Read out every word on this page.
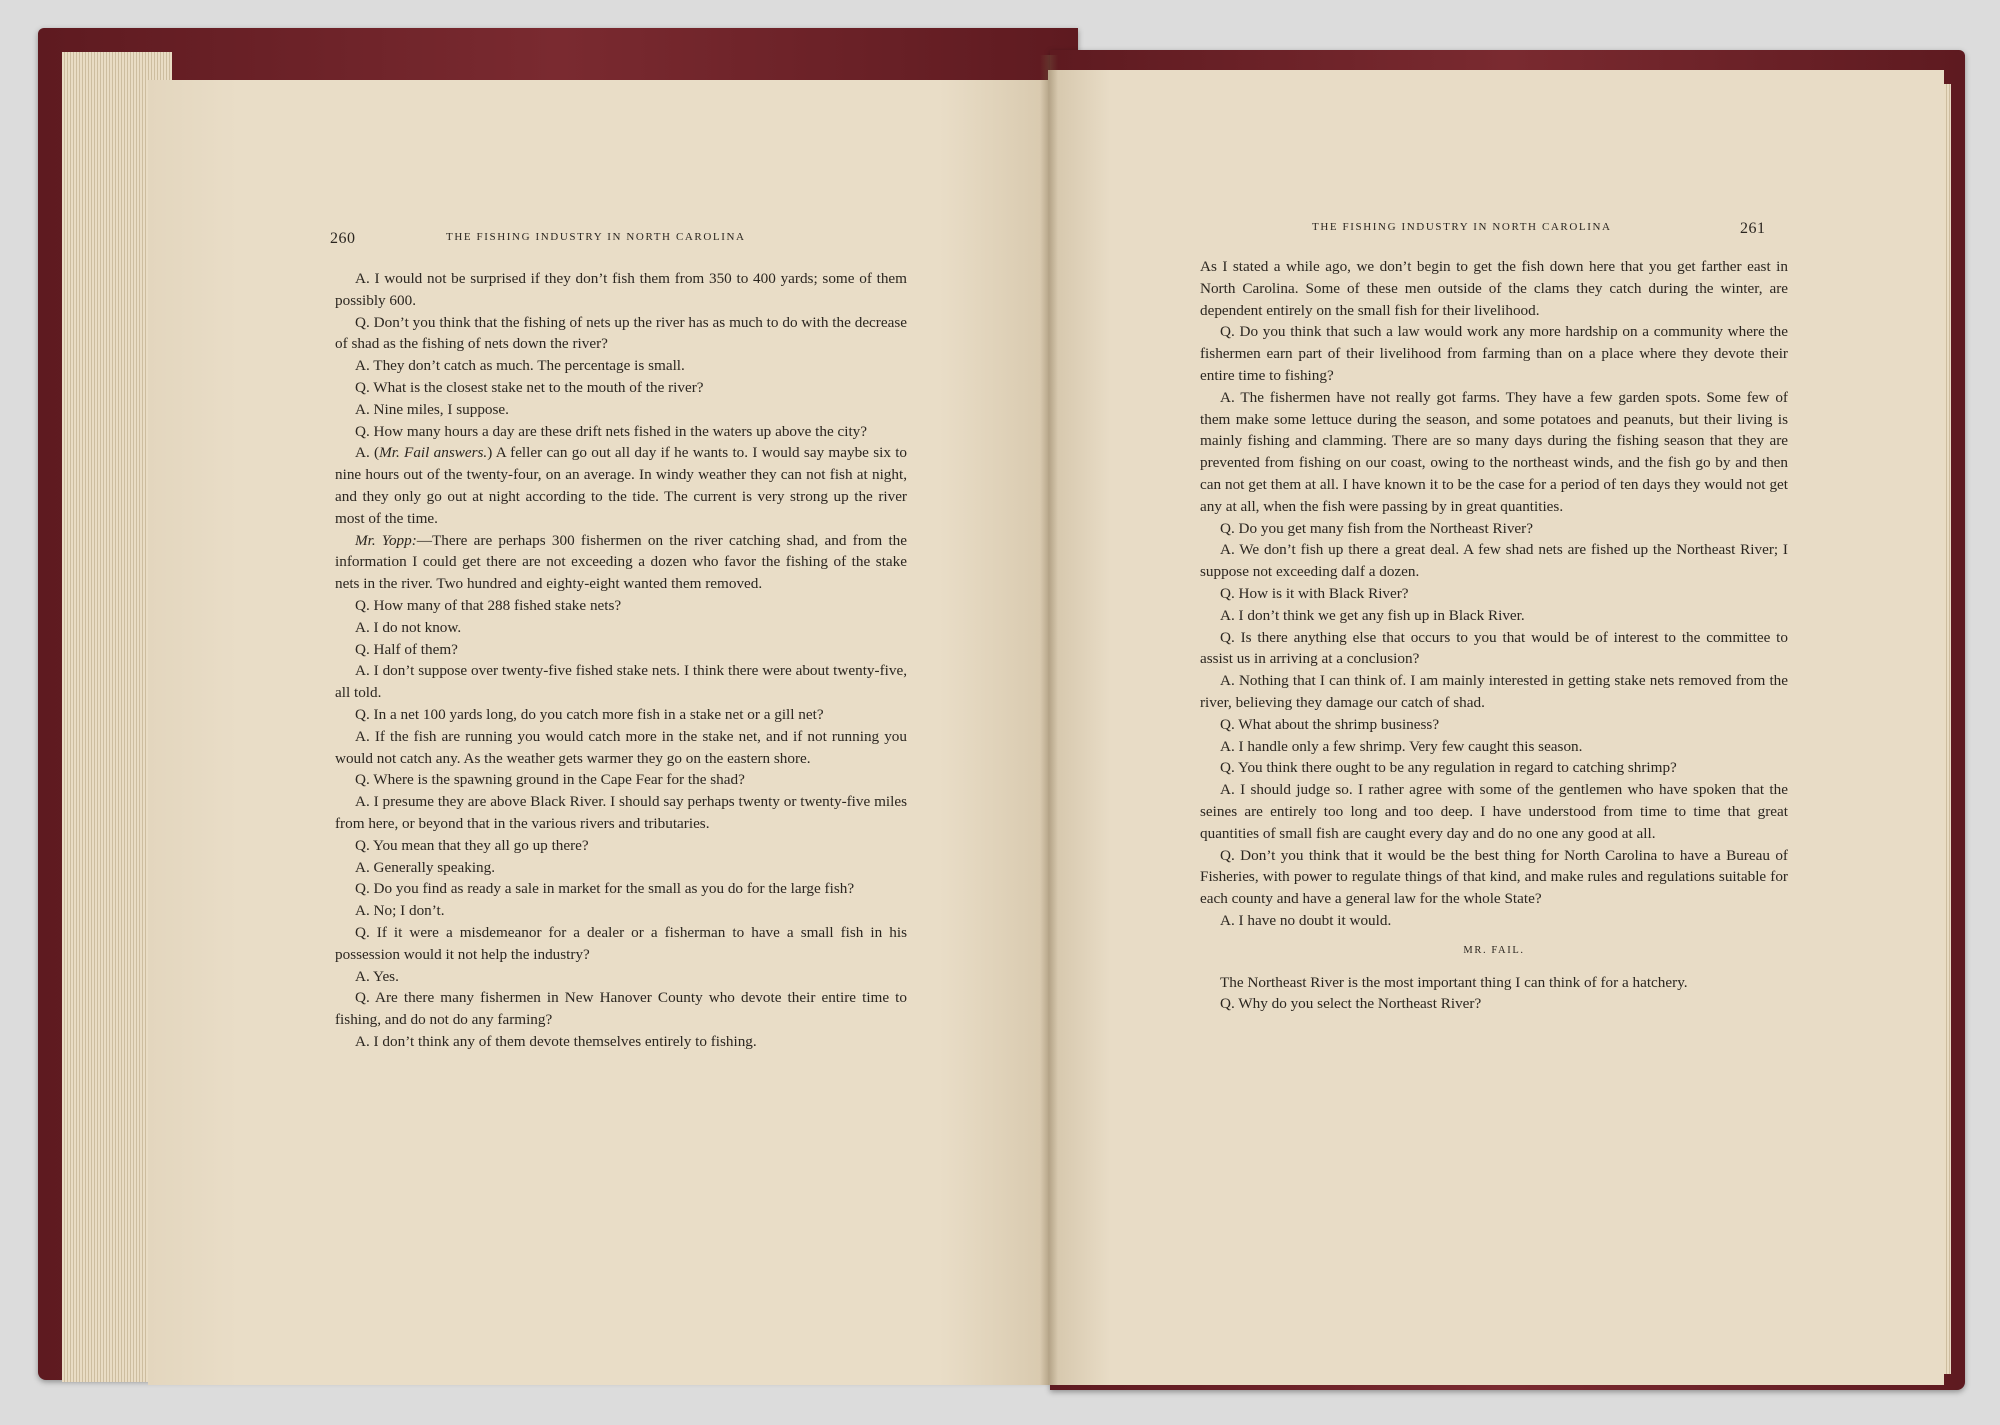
260	THE FISHING INDUSTRY IN NORTH CAROLINA

A. I would not be surprised if they don’t fish them from 350 to 400 yards; some of them possibly 600.

Q. Don’t you think that the fishing of nets up the river has as much to do with the decrease of shad as the fishing of nets down the river?

A. They don’t catch as much. The percentage is small.

Q. What is the closest stake net to the mouth of the river?

A. Nine miles, I suppose.

Q. How many hours a day are these drift nets fished in the waters up above the city?

A. (Mr. Fail answers.) A feller can go out all day if he wants to. I would say maybe six to nine hours out of the twenty-four, on an average. In windy weather they can not fish at night, and they only go out at night according to the tide. The current is very strong up the river most of the time.

Mr. Yopp:—There are perhaps 300 fishermen on the river catching shad, and from the information I could get there are not exceeding a dozen who favor the fishing of the stake nets in the river. Two hundred and eighty-eight wanted them removed.

Q. How many of that 288 fished stake nets?

A. I do not know.

Q. Half of them?

A. I don’t suppose over twenty-five fished stake nets. I think there were about twenty-five, all told.

Q. In a net 100 yards long, do you catch more fish in a stake net or a gill net?

A. If the fish are running you would catch more in the stake net, and if not running you would not catch any. As the weather gets warmer they go on the eastern shore.

Q. Where is the spawning ground in the Cape Fear for the shad?

A. I presume they are above Black River. I should say perhaps twenty or twenty-five miles from here, or beyond that in the various rivers and tributaries.

Q. You mean that they all go up there?

A. Generally speaking.

Q. Do you find as ready a sale in market for the small as you do for the large fish?

A. No; I don’t.

Q. If it were a misdemeanor for a dealer or a fisherman to have a small fish in his possession would it not help the industry?

A. Yes.

Q. Are there many fishermen in New Hanover County who devote their entire time to fishing, and do not do any farming?

A. I don’t think any of them devote themselves entirely to fishing.

THE FISHING INDUSTRY IN NORTH CAROLINA	261

As I stated a while ago, we don’t begin to get the fish down here that you get farther east in North Carolina. Some of these men outside of the clams they catch during the winter, are dependent entirely on the small fish for their livelihood.

Q. Do you think that such a law would work any more hardship on a community where the fishermen earn part of their livelihood from farming than on a place where they devote their entire time to fishing?

A. The fishermen have not really got farms. They have a few garden spots. Some few of them make some lettuce during the season, and some potatoes and peanuts, but their living is mainly fishing and clamming. There are so many days during the fishing season that they are prevented from fishing on our coast, owing to the northeast winds, and the fish go by and then can not get them at all. I have known it to be the case for a period of ten days they would not get any at all, when the fish were passing by in great quantities.

Q. Do you get many fish from the Northeast River?

A. We don’t fish up there a great deal. A few shad nets are fished up the Northeast River; I suppose not exceeding dalf a dozen.

Q. How is it with Black River?

A. I don’t think we get any fish up in Black River.

Q. Is there anything else that occurs to you that would be of interest to the committee to assist us in arriving at a conclusion?

A. Nothing that I can think of. I am mainly interested in getting stake nets removed from the river, believing they damage our catch of shad.

Q. What about the shrimp business?

A. I handle only a few shrimp. Very few caught this season.

Q. You think there ought to be any regulation in regard to catching shrimp?

A. I should judge so. I rather agree with some of the gentlemen who have spoken that the seines are entirely too long and too deep. I have understood from time to time that great quantities of small fish are caught every day and do no one any good at all.

Q. Don’t you think that it would be the best thing for North Carolina to have a Bureau of Fisheries, with power to regulate things of that kind, and make rules and regulations suitable for each county and have a general law for the whole State?

A. I have no doubt it would.

MR. FAIL.

The Northeast River is the most important thing I can think of for a hatchery.

Q. Why do you select the Northeast River?
